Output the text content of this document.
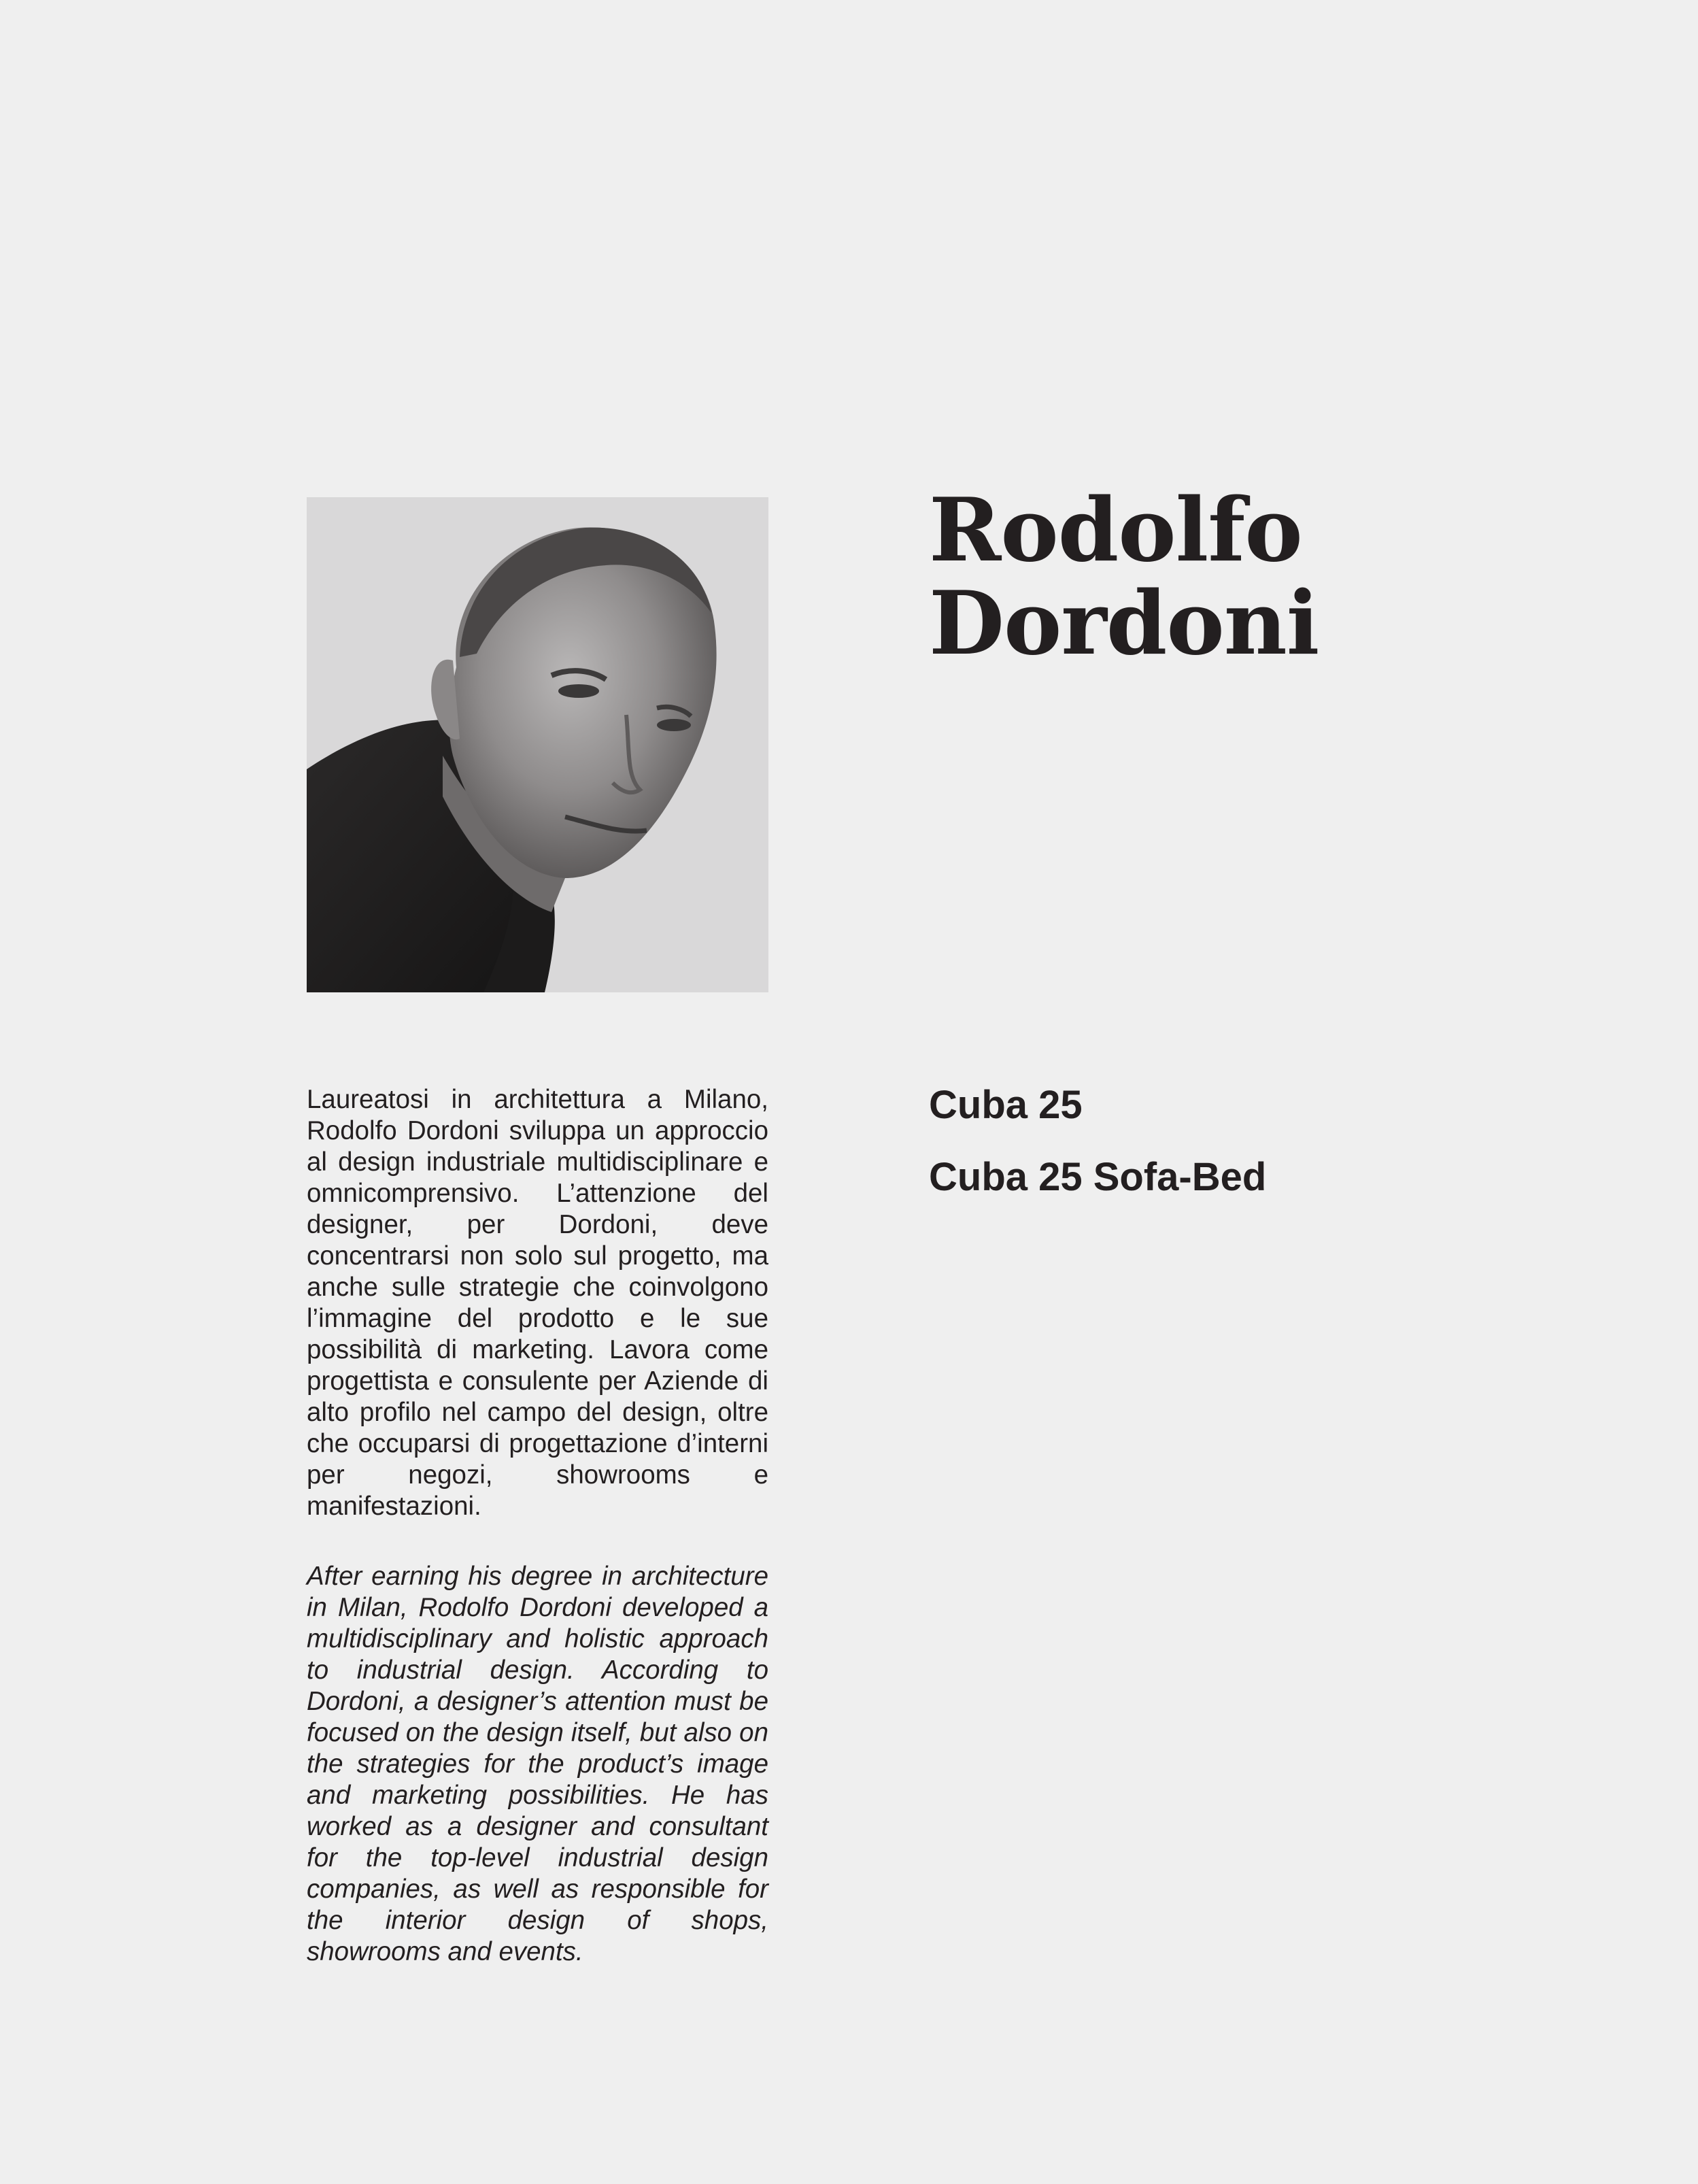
Rodolfo
Dordoni

Cuba 25

Cuba 25 Sofa-Bed

Laureatosi in architettura a Milano, Rodolfo Dordoni sviluppa un approccio al design industriale multidisciplinare e omnicomprensivo. L’attenzione del designer, per Dordoni, deve concentrarsi non solo sul progetto, ma anche sulle strategie che coinvolgono l’immagine del prodotto e le sue possibilità di marketing. Lavora come progettista e consulente per Aziende di alto profilo nel campo del design, oltre che occuparsi di progettazione d’interni per negozi, showrooms e manifestazioni.

After earning his degree in architecture in Milan, Rodolfo Dordoni developed a multidisciplinary and holistic approach to industrial design. According to Dordoni, a designer’s attention must be focused on the design itself, but also on the strategies for the product’s image and marketing possibilities. He has worked as a designer and consultant for the top-level industrial design companies, as well as responsible for the interior design of shops, showrooms and events.
